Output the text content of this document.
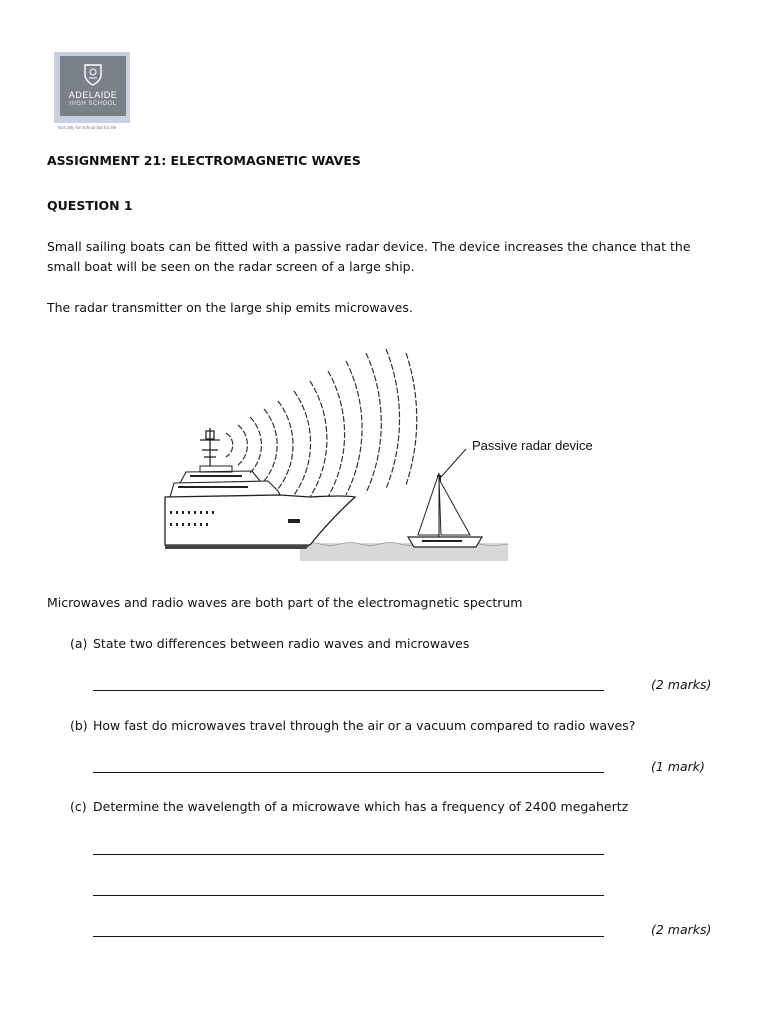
ADELAIDE
HIGH SCHOOL
Not only for school but for life
ASSIGNMENT 21: ELECTROMAGNETIC WAVES
QUESTION 1
Small sailing boats can be fitted with a passive radar device. The device increases the chance that the small boat will be seen on the radar screen of a large ship.
The radar transmitter on the large ship emits microwaves.
Passive radar device
Microwaves and radio waves are both part of the electromagnetic spectrum
(a) State two differences between radio waves and microwaves
(2 marks)
(b) How fast do microwaves travel through the air or a vacuum compared to radio waves?
(1 mark)
(c) Determine the wavelength of a microwave which has a frequency of 2400 megahertz
(2 marks)
